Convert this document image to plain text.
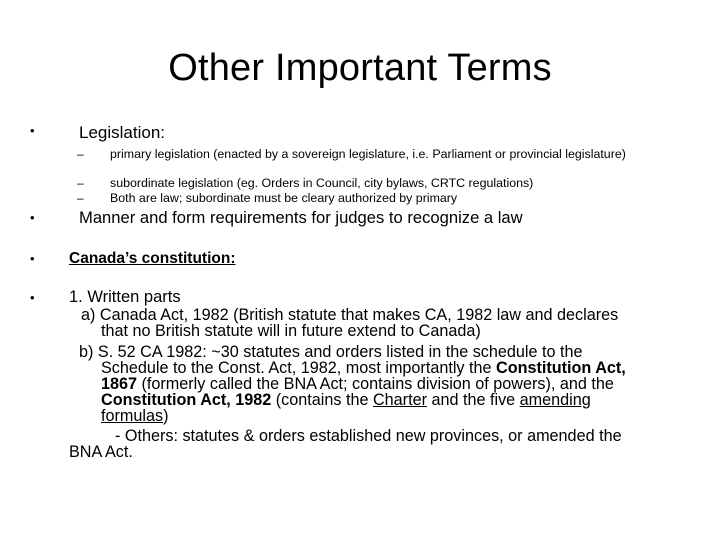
Other Important Terms
•	Legislation:
– primary legislation (enacted by a sovereign legislature, i.e. Parliament or provincial legislature)
– subordinate legislation (eg. Orders in Council, city bylaws, CRTC regulations)
– Both are law; subordinate must be cleary authorized by primary
•	Manner and form requirements for judges to recognize a law
• Canada’s constitution:
• 1. Written parts
a) Canada Act, 1982 (British statute that makes CA, 1982 law and declares
that no British statute will in future extend to Canada)
b) S. 52 CA 1982: ~30 statutes and orders listed in the schedule to the
Schedule to the Const. Act, 1982, most importantly the Constitution Act,
1867 (formerly called the BNA Act; contains division of powers), and the
Constitution Act, 1982 (contains the Charter and the five amending
formulas)
- Others: statutes & orders established new provinces, or amended the
BNA Act.
